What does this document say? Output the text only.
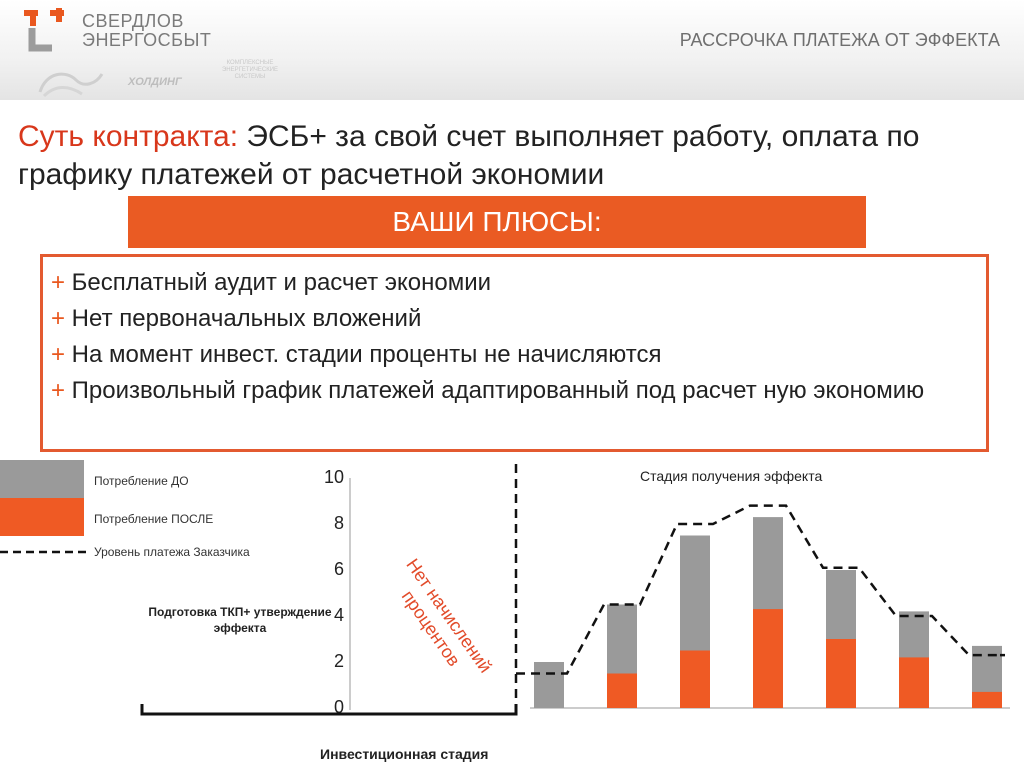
СВЕРДЛОВ
ЭНЕРГОСБЫТ
ХОЛДИНГ
КОМПЛЕКСНЫЕ ЭНЕРГЕТИЧЕСКИЕ СИСТЕМЫ
РАССРОЧКА ПЛАТЕЖА ОТ ЭФФЕКТА
Суть контракта: ЭСБ+ за свой счет выполняет работу, оплата по графику платежей от расчетной экономии
ВАШИ ПЛЮСЫ:
+ Бесплатный аудит и расчет экономии
+ Нет первоначальных вложений
+ На момент инвест. стадии проценты не начисляются
+ Произвольный график платежей адаптированный под расчет ную экономию
Потребление ДО
Потребление ПОСЛЕ
Уровень платежа Заказчика
Подготовка ТКП+ утверждение эффекта	Нет начислений процентов
Стадия получения эффекта
Инвестиционная стадия
0
2
4
6
8
10
